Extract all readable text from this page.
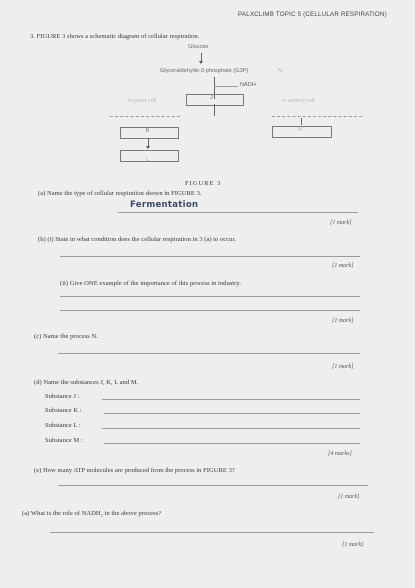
PALXCLIMB TOPIC 5 (CELLULAR RESPIRATION)
3. FIGURE 3 shows a schematic diagram of cellular respiration.
Glucose
Glyceraldehyde-3-phosphate (G3P)	N
NADH
In plant cell	J	In animal cell
K
L
M
FIGURE 3
(a) Name the type of cellular respiration shown in FIGURE 3.
Fermentation
[1 mark]
(b) (i) State in what condition does the cellular respiration in 3 (a) to occur.
[1 mark]
(ii) Give ONE example of the importance of this process in industry.
[1 mark]
(c) Name the process N.
[1 mark]
(d) Name the substances J, K, L and M.
Substance J :
Substance K :
Substance L :
Substance M :
[4 marks]
(e) How many ATP molecules are produced from the process in FIGURE 3?
[1 mark]
(a) What is the role of NADH₂ in the above process?
[1 mark]
